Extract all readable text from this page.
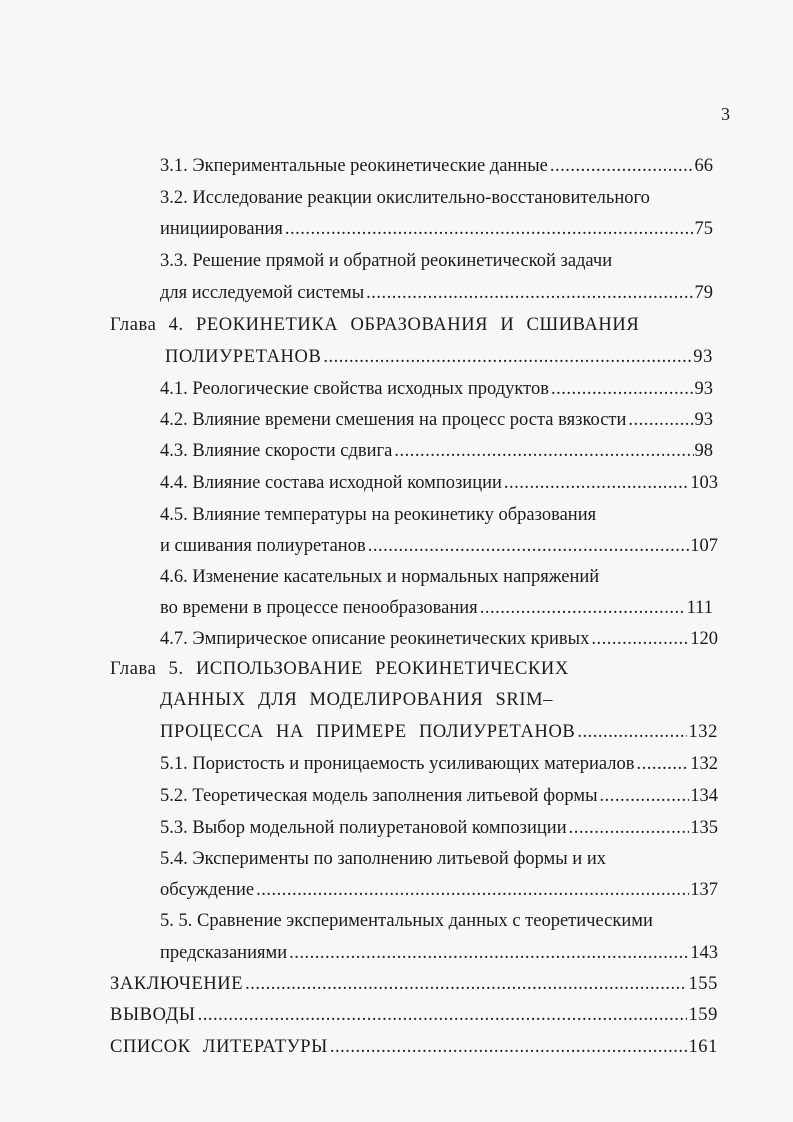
3
3.1. Экпериментальные реокинетические данные .....	66
3.2. Исследование реакции окислительно-восстановительного
инициирования .....	75
3.3. Решение прямой и обратной реокинетической задачи
для исследуемой системы .....	79
Глава 4. РЕОКИНЕТИКА ОБРАЗОВАНИЯ И СШИВАНИЯ
ПОЛИУРЕТАНОВ .....	93
4.1. Реологические свойства исходных продуктов .....	93
4.2. Влияние времени смешения на процесс роста вязкости .....	93
4.3. Влияние скорости сдвига .....	98
4.4. Влияние состава исходной композиции .....	103
4.5. Влияние температуры на реокинетику образования
и сшивания полиуретанов .....	107
4.6. Изменение касательных и нормальных напряжений
во времени в процессе пенообразования .....	111
4.7. Эмпирическое описание реокинетических кривых .....	120
Глава 5. ИСПОЛЬЗОВАНИЕ РЕОКИНЕТИЧЕСКИХ
ДАННЫХ ДЛЯ МОДЕЛИРОВАНИЯ SRIM–
ПРОЦЕССА НА ПРИМЕРЕ ПОЛИУРЕТАНОВ .....	132
5.1. Пористость и проницаемость усиливающих материалов .....	132
5.2. Теоретическая модель заполнения литьевой формы .....	134
5.3. Выбор модельной полиуретановой композиции .....	135
5.4. Эксперименты по заполнению литьевой формы и их
обсуждение .....	137
5. 5. Сравнение экспериментальных данных с теоретическими
предсказаниями .....	143
ЗАКЛЮЧЕНИЕ .....	155
ВЫВОДЫ .....	159
СПИСОК ЛИТЕРАТУРЫ .....	161
